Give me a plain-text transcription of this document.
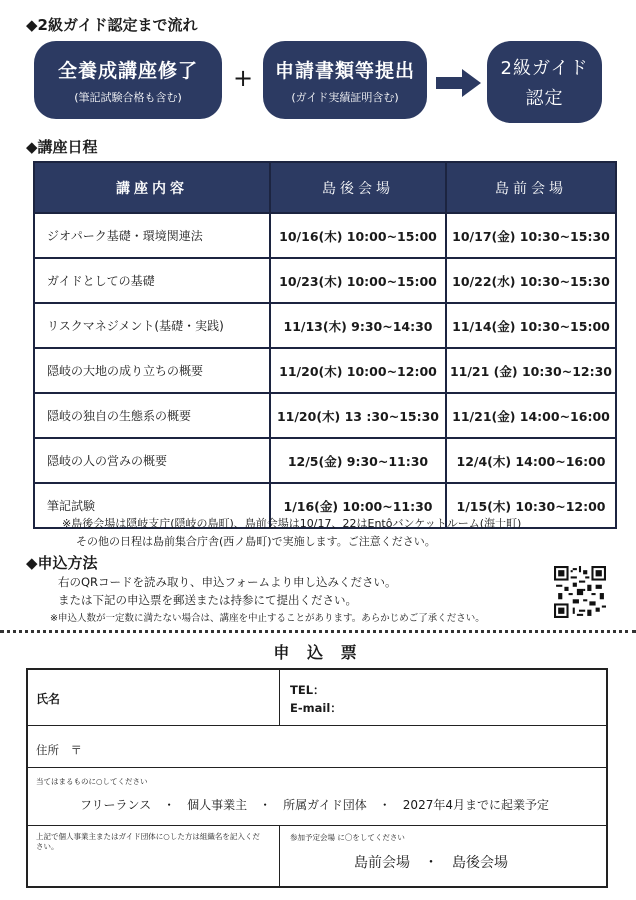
◆2級ガイド認定まで流れ
全養成講座修了
(筆記試験合格も含む)
+ 申請書類等提出
(ガイド実績証明含む)
2級ガイド
認定
◆講座日程
講座内容	島後会場	島前会場
ジオパーク基礎・環境関連法	10/16(木) 10:00~15:00	10/17(金) 10:30~15:30
ガイドとしての基礎	10/23(木) 10:00~15:00	10/22(水) 10:30~15:30
リスクマネジメント(基礎・実践)	11/13(木) 9:30~14:30	11/14(金) 10:30~15:00
隠岐の大地の成り立ちの概要	11/20(木) 10:00~12:00	11/21 (金) 10:30~12:30
隠岐の独自の生態系の概要	11/20(木) 13 :30~15:30	11/21(金) 14:00~16:00
隠岐の人の営みの概要	12/5(金) 9:30~11:30	12/4(木) 14:00~16:00
筆記試験	1/16(金) 10:00~11:30	1/15(木) 10:30~12:00
※島後会場は隠岐支庁(隠岐の島町)、島前会場は10/17、22はEntôバンケットルーム(海士町)
その他の日程は島前集合庁舎(西ノ島町)で実施します。ご注意ください。
◆申込方法
右のQRコードを読み取り、申込フォームより申し込みください。
または下記の申込票を郵送または持参にて提出ください。
※申込人数が一定数に満たない場合は、講座を中止することがあります。あらかじめご了承ください。
申 込 票
氏名
TEL：
E-mail：
住所　〒
当てはまるものに○してください
フリーランス　・　個人事業主　・　所属ガイド団体　・　2027年4月までに起業予定
上記で個人事業主またはガイド団体に○した方は組織名を記入ください。
参加予定会場 に〇をしてください
島前会場　・　島後会場
